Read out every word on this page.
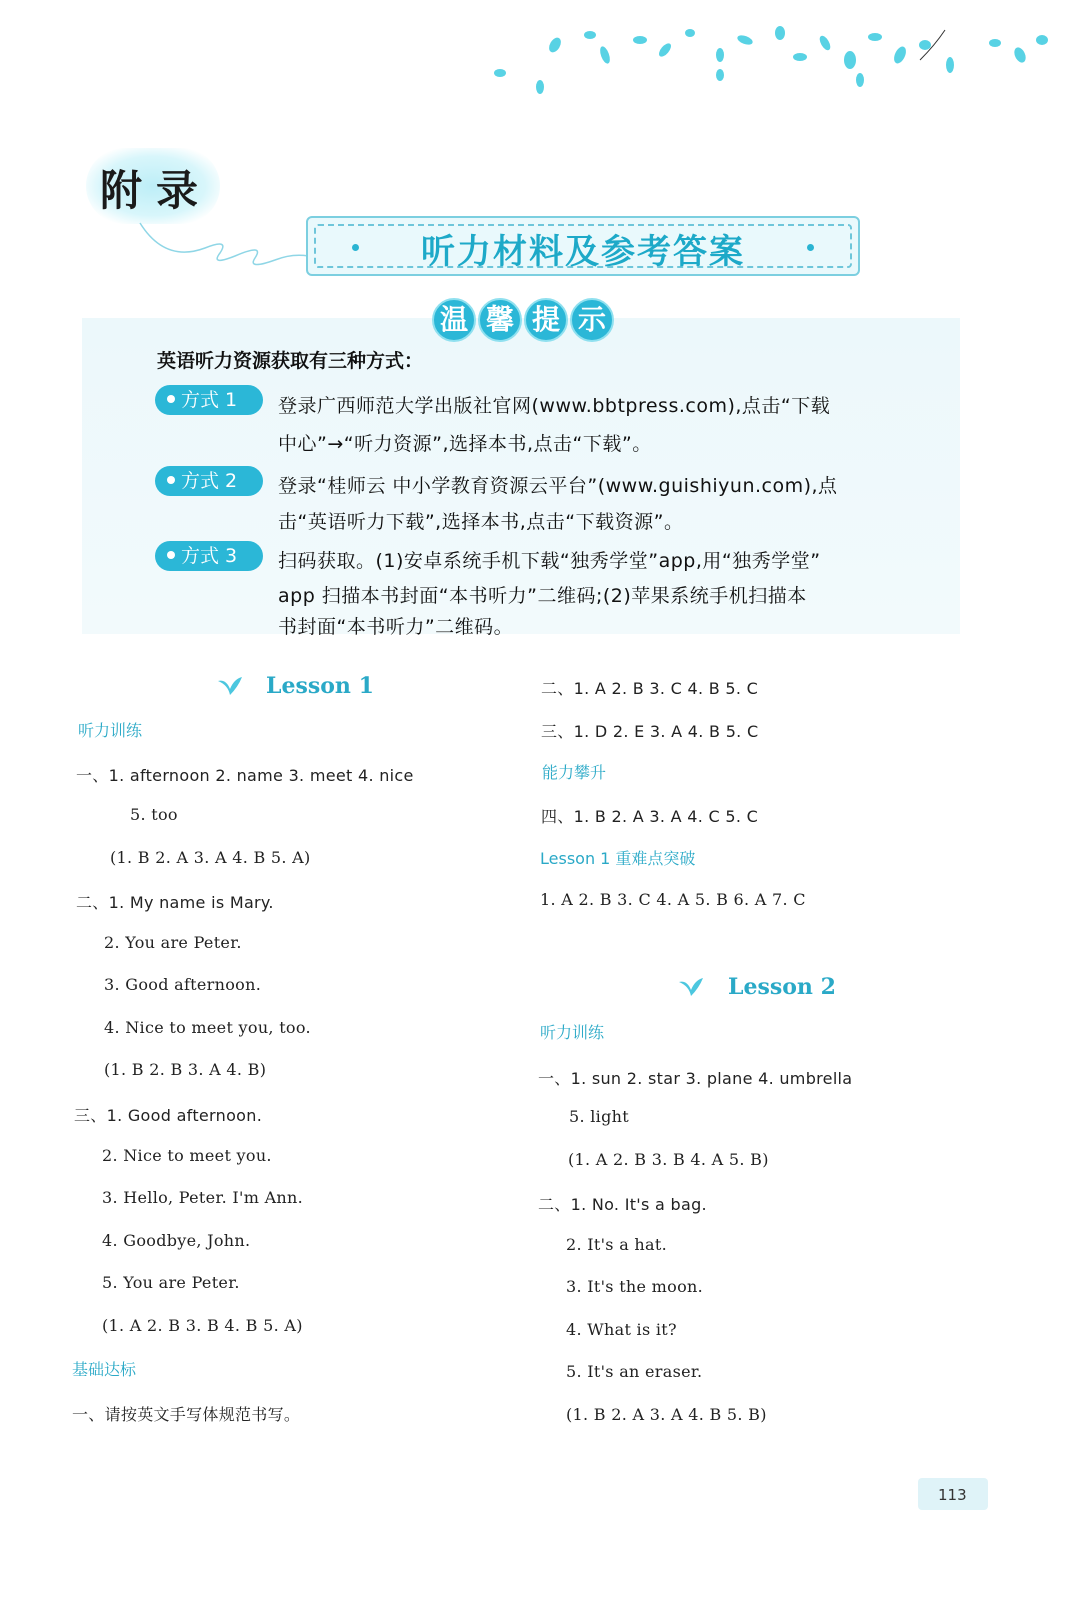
附录
听力材料及参考答案
温 馨 提 示
英语听力资源获取有三种方式：
方式 1	登录广西师范大学出版社官网(www.bbtpress.com),点击“下载
中心”→“听力资源”,选择本书,点击“下载”。
方式 2	登录“桂师云 中小学教育资源云平台”(www.guishiyun.com),点
击“英语听力下载”,选择本书,点击“下载资源”。
方式 3	扫码获取。(1)安卓系统手机下载“独秀学堂”app,用“独秀学堂”
app 扫描本书封面“本书听力”二维码;(2)苹果系统手机扫描本
书封面“本书听力”二维码。
Lesson 1
听力训练
一、1. afternoon 2. name 3. meet 4. nice
5. too
(1. B 2. A 3. A 4. B 5. A)
二、1. My name is Mary.
2. You are Peter.
3. Good afternoon.
4. Nice to meet you, too.
(1. B 2. B 3. A 4. B)
三、1. Good afternoon.
2. Nice to meet you.
3. Hello, Peter. I'm Ann.
4. Goodbye, John.
5. You are Peter.
(1. A 2. B 3. B 4. B 5. A)
基础达标
一、请按英文手写体规范书写。
二、1. A 2. B 3. C 4. B 5. C
三、1. D 2. E 3. A 4. B 5. C
能力攀升
四、1. B 2. A 3. A 4. C 5. C
Lesson 1 重难点突破
1. A 2. B 3. C 4. A 5. B 6. A 7. C
Lesson 2
听力训练
一、1. sun 2. star 3. plane 4. umbrella
5. light
(1. A 2. B 3. B 4. A 5. B)
二、1. No. It's a bag.
2. It's a hat.
3. It's the moon.
4. What is it?
5. It's an eraser.
(1. B 2. A 3. A 4. B 5. B)
113
